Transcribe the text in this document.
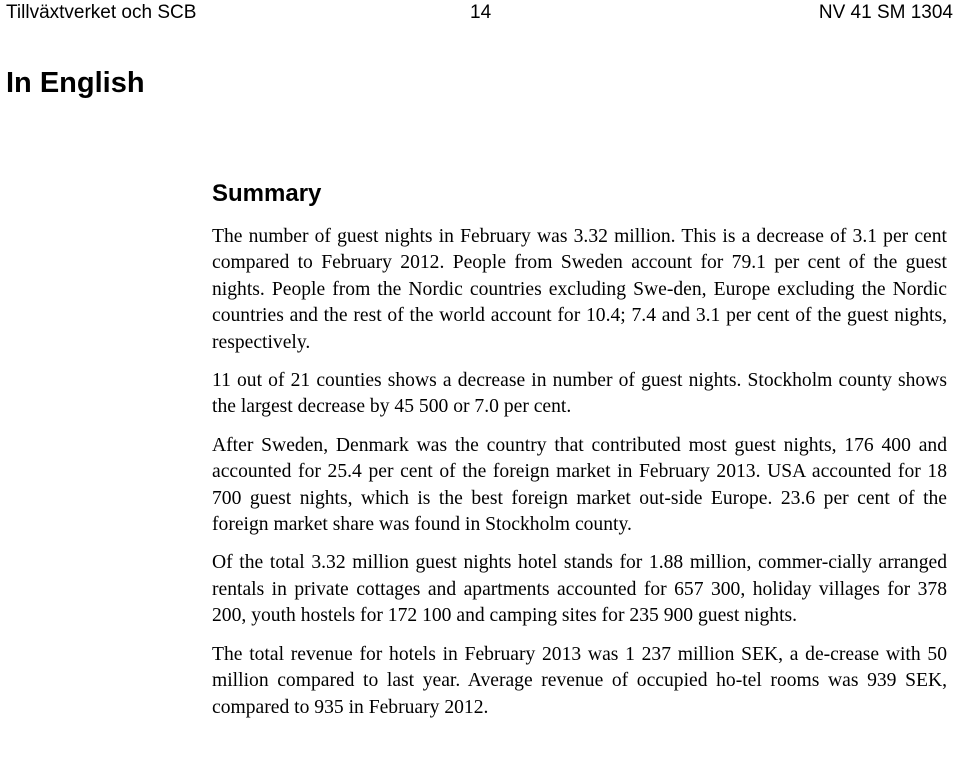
Tillväxtverket och SCB	14	NV 41 SM 1304
In English
Summary

The number of guest nights in February was 3.32 million. This is a decrease of 3.1 per cent compared to February 2012. People from Sweden account for 79.1 per cent of the guest nights. People from the Nordic countries excluding Swe-den, Europe excluding the Nordic countries and the rest of the world account for 10.4; 7.4 and 3.1 per cent of the guest nights, respectively.

11 out of 21 counties shows a decrease in number of guest nights. Stockholm county shows the largest decrease by 45 500 or 7.0 per cent.

After Sweden, Denmark was the country that contributed most guest nights, 176 400 and accounted for 25.4 per cent of the foreign market in February 2013. USA accounted for 18 700 guest nights, which is the best foreign market out-side Europe. 23.6 per cent of the foreign market share was found in Stockholm county.

Of the total 3.32 million guest nights hotel stands for 1.88 million, commer-cially arranged rentals in private cottages and apartments accounted for 657 300, holiday villages for 378 200, youth hostels for 172 100 and camping sites for 235 900 guest nights.

The total revenue for hotels in February 2013 was 1 237 million SEK, a de-crease with 50 million compared to last year. Average revenue of occupied ho-tel rooms was 939 SEK, compared to 935 in February 2012.
